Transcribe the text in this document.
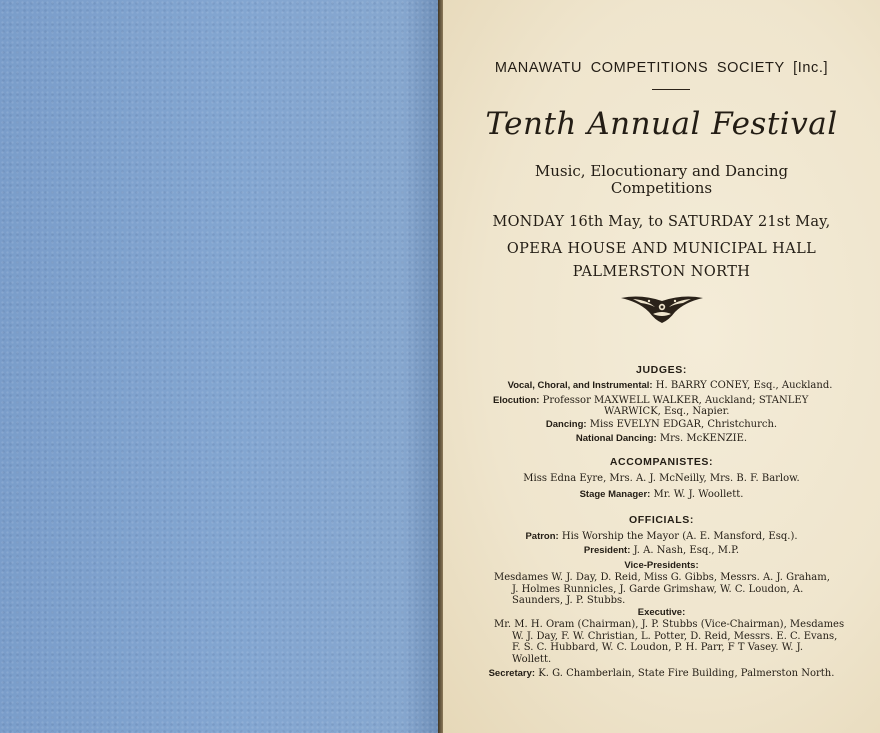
MANAWATU COMPETITIONS SOCIETY [Inc.]
Tenth Annual Festival
Music, Elocutionary and Dancing
Competitions
MONDAY 16th May, to SATURDAY 21st May,
OPERA HOUSE AND MUNICIPAL HALL
PALMERSTON NORTH
JUDGES:
Vocal, Choral, and Instrumental: H. BARRY CONEY, Esq., Auckland.
Elocution: Professor MAXWELL WALKER, Auckland; STANLEY
WARWICK, Esq., Napier.
Dancing: Miss EVELYN EDGAR, Christchurch.
National Dancing: Mrs. McKENZIE.
ACCOMPANISTES:
Miss Edna Eyre, Mrs. A. J. McNeilly, Mrs. B. F. Barlow.
Stage Manager: Mr. W. J. Woollett.
OFFICIALS:
Patron: His Worship the Mayor (A. E. Mansford, Esq.).
President: J. A. Nash, Esq., M.P.
Vice-Presidents:
Mesdames W. J. Day, D. Reid, Miss G. Gibbs, Messrs. A. J. Graham,
J. Holmes Runnicles, J. Garde Grimshaw, W. C. Loudon, A.
Saunders, J. P. Stubbs.
Executive:
Mr. M. H. Oram (Chairman), J. P. Stubbs (Vice-Chairman), Mesdames
W. J. Day, F. W. Christian, L. Potter, D. Reid, Messrs. E. C. Evans,
F. S. C. Hubbard, W. C. Loudon, P. H. Parr, F T Vasey. W. J.
Wollett.
Secretary: K. G. Chamberlain, State Fire Building, Palmerston North.
